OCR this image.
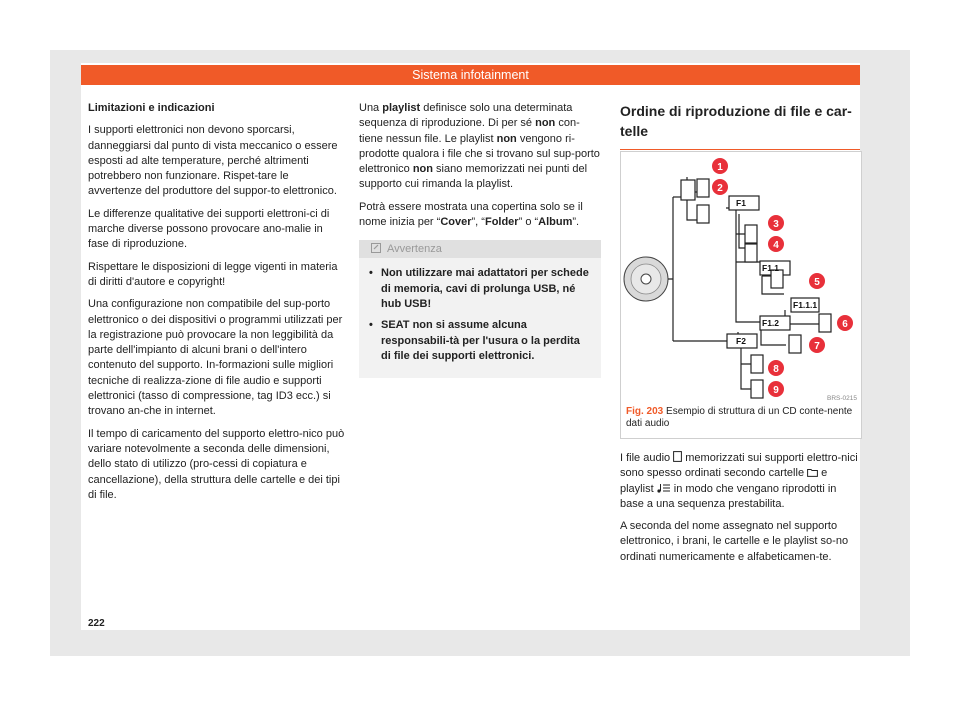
Sistema infotainment

Limitazioni e indicazioni

I supporti elettronici non devono sporcarsi, danneggiarsi dal punto di vista meccanico o essere esposti ad alte temperature, perché altrimenti potrebbero non funzionare. Rispet-tare le avvertenze del produttore del suppor-to elettronico.

Le differenze qualitative dei supporti elettroni-ci di marche diverse possono provocare ano-malie in fase di riproduzione.

Rispettare le disposizioni di legge vigenti in materia di diritti d'autore e copyright!

Una configurazione non compatibile del sup-porto elettronico o dei dispositivi o programmi utilizzati per la registrazione può provocare la non leggibilità da parte dell'impianto di alcuni brani o dell'intero contenuto del supporto. In-formazioni sulle migliori tecniche di realizza-zione di file audio e supporti elettronici (tasso di compressione, tag ID3 ecc.) si trovano an-che in internet.

Il tempo di caricamento del supporto elettro-nico può variare notevolmente a seconda delle dimensioni, dello stato di utilizzo (pro-cessi di copiatura e cancellazione), della struttura delle cartelle e dei tipi di file.

Una playlist definisce solo una determinata sequenza di riproduzione. Di per sé non con-tiene nessun file. Le playlist non vengono ri-prodotte qualora i file che si trovano sul sup-porto elettronico non siano memorizzati nei punti del supporto cui rimanda la playlist.

Potrà essere mostrata una copertina solo se il nome inizia per “Cover”, “Folder” o “Album”.

Avvertenza
• Non utilizzare mai adattatori per schede di memoria, cavi di prolunga USB, né hub USB!
• SEAT non si assume alcuna responsabili-tà per l'usura o la perdita di file dei supporti elettronici.
Ordine di riproduzione di file e car-telle
F1
F1.1
F1.1.1
F1.2
F2
1
2
3
4
5
6
7
8
9
BRS-0215
Fig. 203 Esempio di struttura di un CD conte-nente dati audio

I file audio  memorizzati sui supporti elettro-nici sono spesso ordinati secondo cartelle  e playlist  in modo che vengano riprodotti in base a una sequenza prestabilita.

A seconda del nome assegnato nel supporto elettronico, i brani, le cartelle e le playlist so-no ordinati numericamente e alfabeticamen-te.

222
